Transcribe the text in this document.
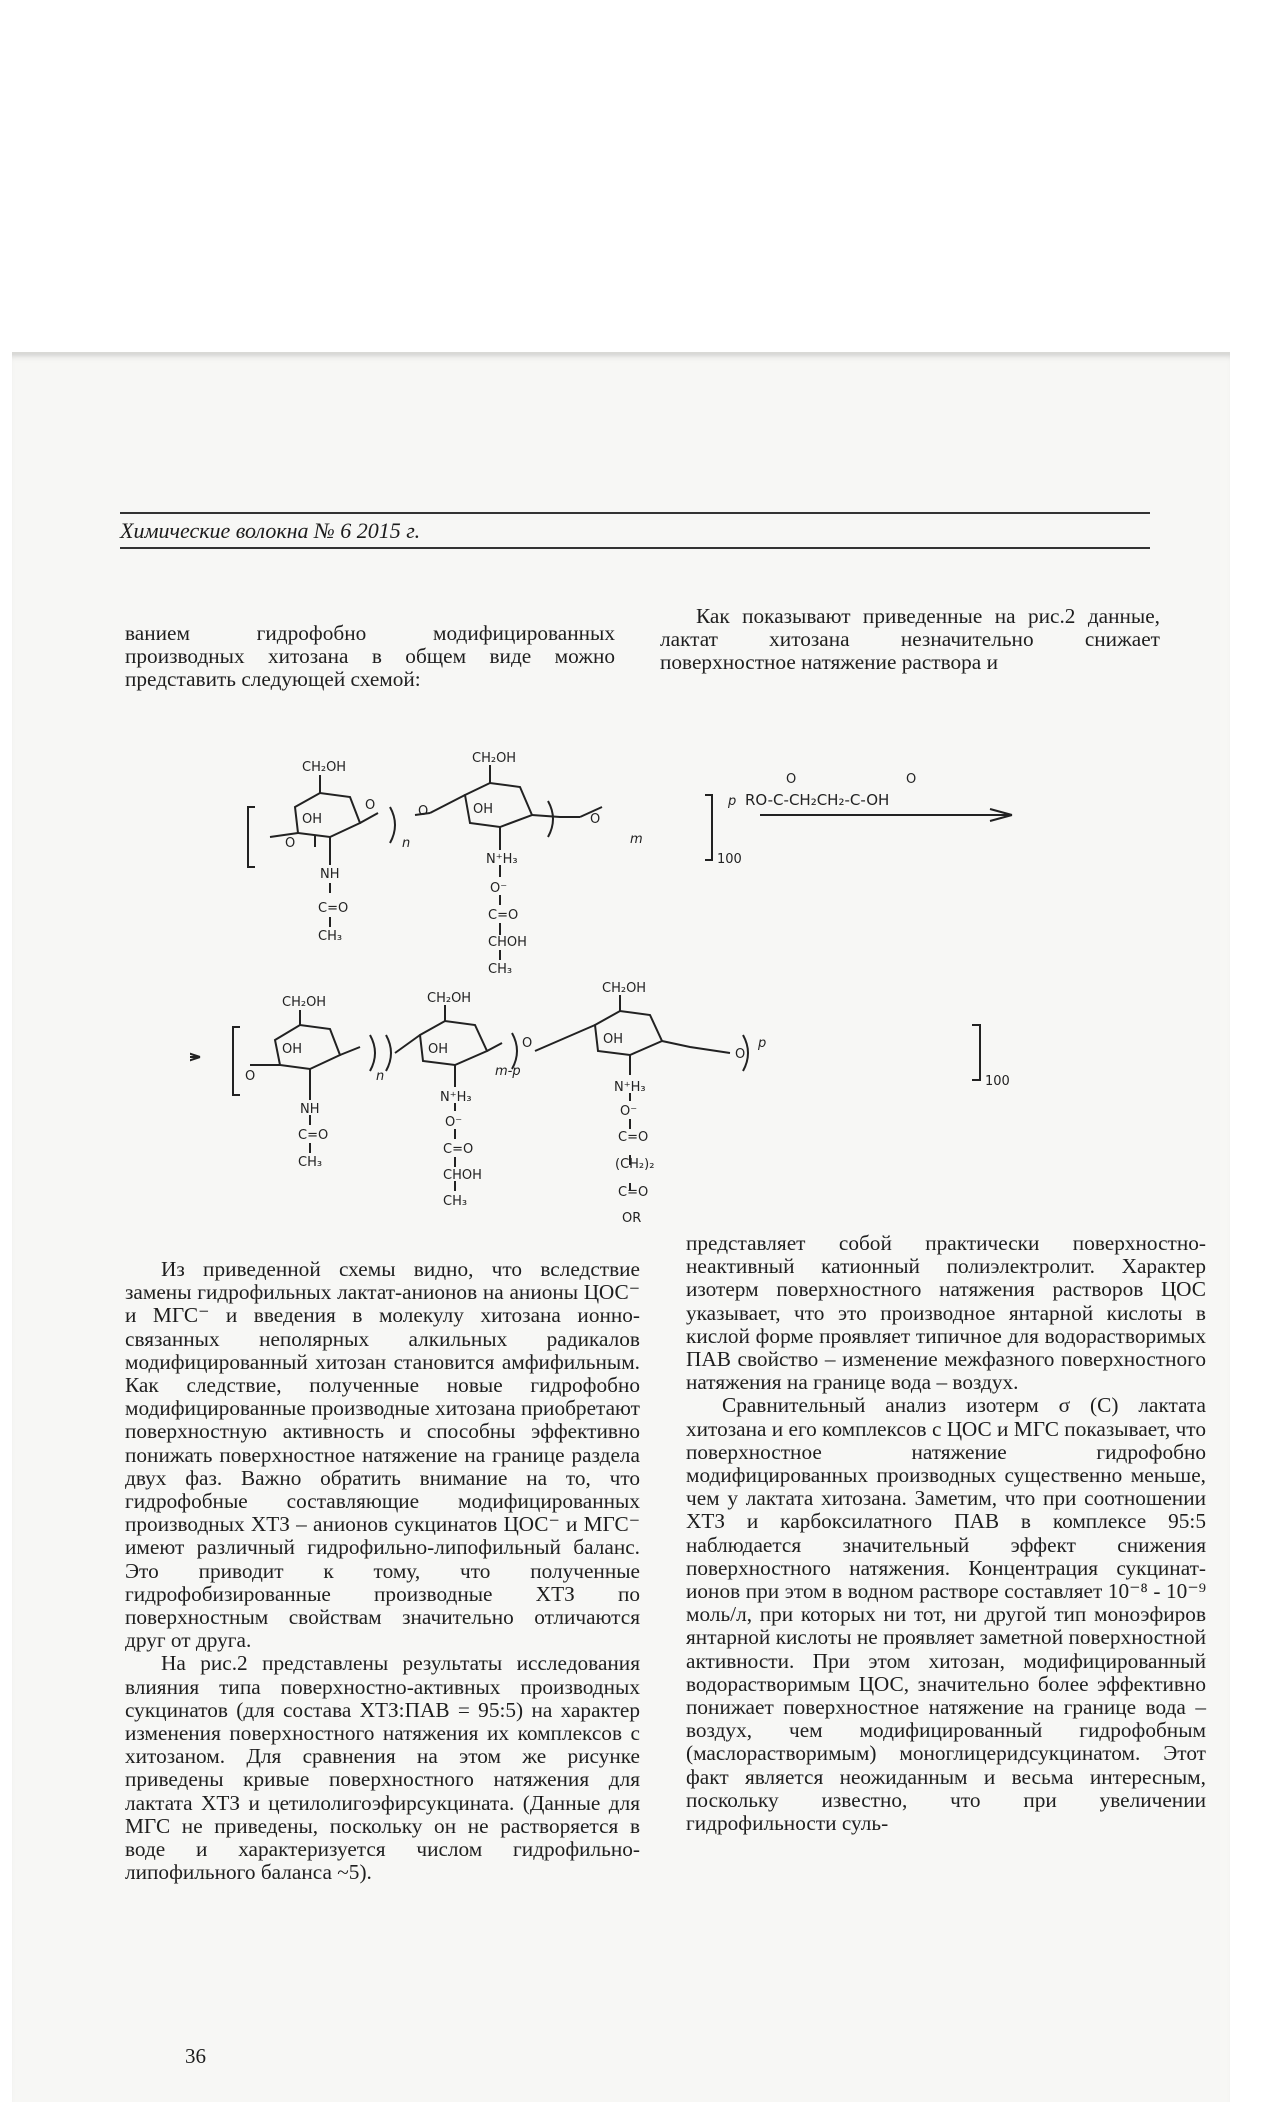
Химические волокна № 6 2015 г.

ванием гидрофобно модифицированных производных хитозана в общем виде можно представить следующей схемой:

Как показывают приведенные на рис.2 данные, лактат хитозана незначительно снижает поверхностное натяжение раствора и

CH₂OH
OH
O
O
NH
C=O
CH₃
n
O
CH₂OH
OH
N⁺H₃
O⁻
C=O
CHOH
CH₃
O
m
100
p RO-C-CH₂CH₂-C-OH
O	O
CH₂OH
OH
O
NH
C=O
CH₃
n
CH₂OH
OH
N⁺H₃
O⁻
C=O
CHOH
CH₃
m-p
O
CH₂OH
OH
N⁺H₃
O⁻
C=O
(CH₂)₂
C=O
OR
O
p
100

Из приведенной схемы видно, что вследствие замены гидрофильных лактат-анионов на анионы ЦОС⁻ и МГС⁻ и введения в молекулу хитозана ионно-связанных неполярных алкильных радикалов модифицированный хитозан становится амфифильным. Как следствие, полученные новые гидрофобно модифицированные производные хитозана приобретают поверхностную активность и способны эффективно понижать поверхностное натяжение на границе раздела двух фаз. Важно обратить внимание на то, что гидрофобные составляющие модифицированных производных ХТЗ – анионов сукцинатов ЦОС⁻ и МГС⁻ имеют различный гидрофильно-липофильный баланс. Это приводит к тому, что полученные гидрофобизированные производные ХТЗ по поверхностным свойствам значительно отличаются друг от друга.

На рис.2 представлены результаты исследования влияния типа поверхностно-активных производных сукцинатов (для состава ХТЗ:ПАВ = 95:5) на характер изменения поверхностного натяжения их комплексов с хитозаном. Для сравнения на этом же рисунке приведены кривые поверхностного натяжения для лактата ХТЗ и цетилолигоэфирсукцината. (Данные для МГС не приведены, поскольку он не растворяется в воде и характеризуется числом гидрофильно-липофильного баланса ~5).

представляет собой практически поверхностно-неактивный катионный полиэлектролит. Характер изотерм поверхностного натяжения растворов ЦОС указывает, что это производное янтарной кислоты в кислой форме проявляет типичное для водорастворимых ПАВ свойство – изменение межфазного поверхностного натяжения на границе вода – воздух.

Сравнительный анализ изотерм σ (C) лактата хитозана и его комплексов с ЦОС и МГС показывает, что поверхностное натяжение гидрофобно модифицированных производных существенно меньше, чем у лактата хитозана. Заметим, что при соотношении ХТЗ и карбоксилатного ПАВ в комплексе 95:5 наблюдается значительный эффект снижения поверхностного натяжения. Концентрация сукцинат-ионов при этом в водном растворе составляет 10⁻⁸ - 10⁻⁹ моль/л, при которых ни тот, ни другой тип моноэфиров янтарной кислоты не проявляет заметной поверхностной активности. При этом хитозан, модифицированный водорастворимым ЦОС, значительно более эффективно понижает поверхностное натяжение на границе вода – воздух, чем модифицированный гидрофобным (маслорастворимым) моноглицеридсукцинатом. Этот факт является неожиданным и весьма интересным, поскольку известно, что при увеличении гидрофильности суль-

36
